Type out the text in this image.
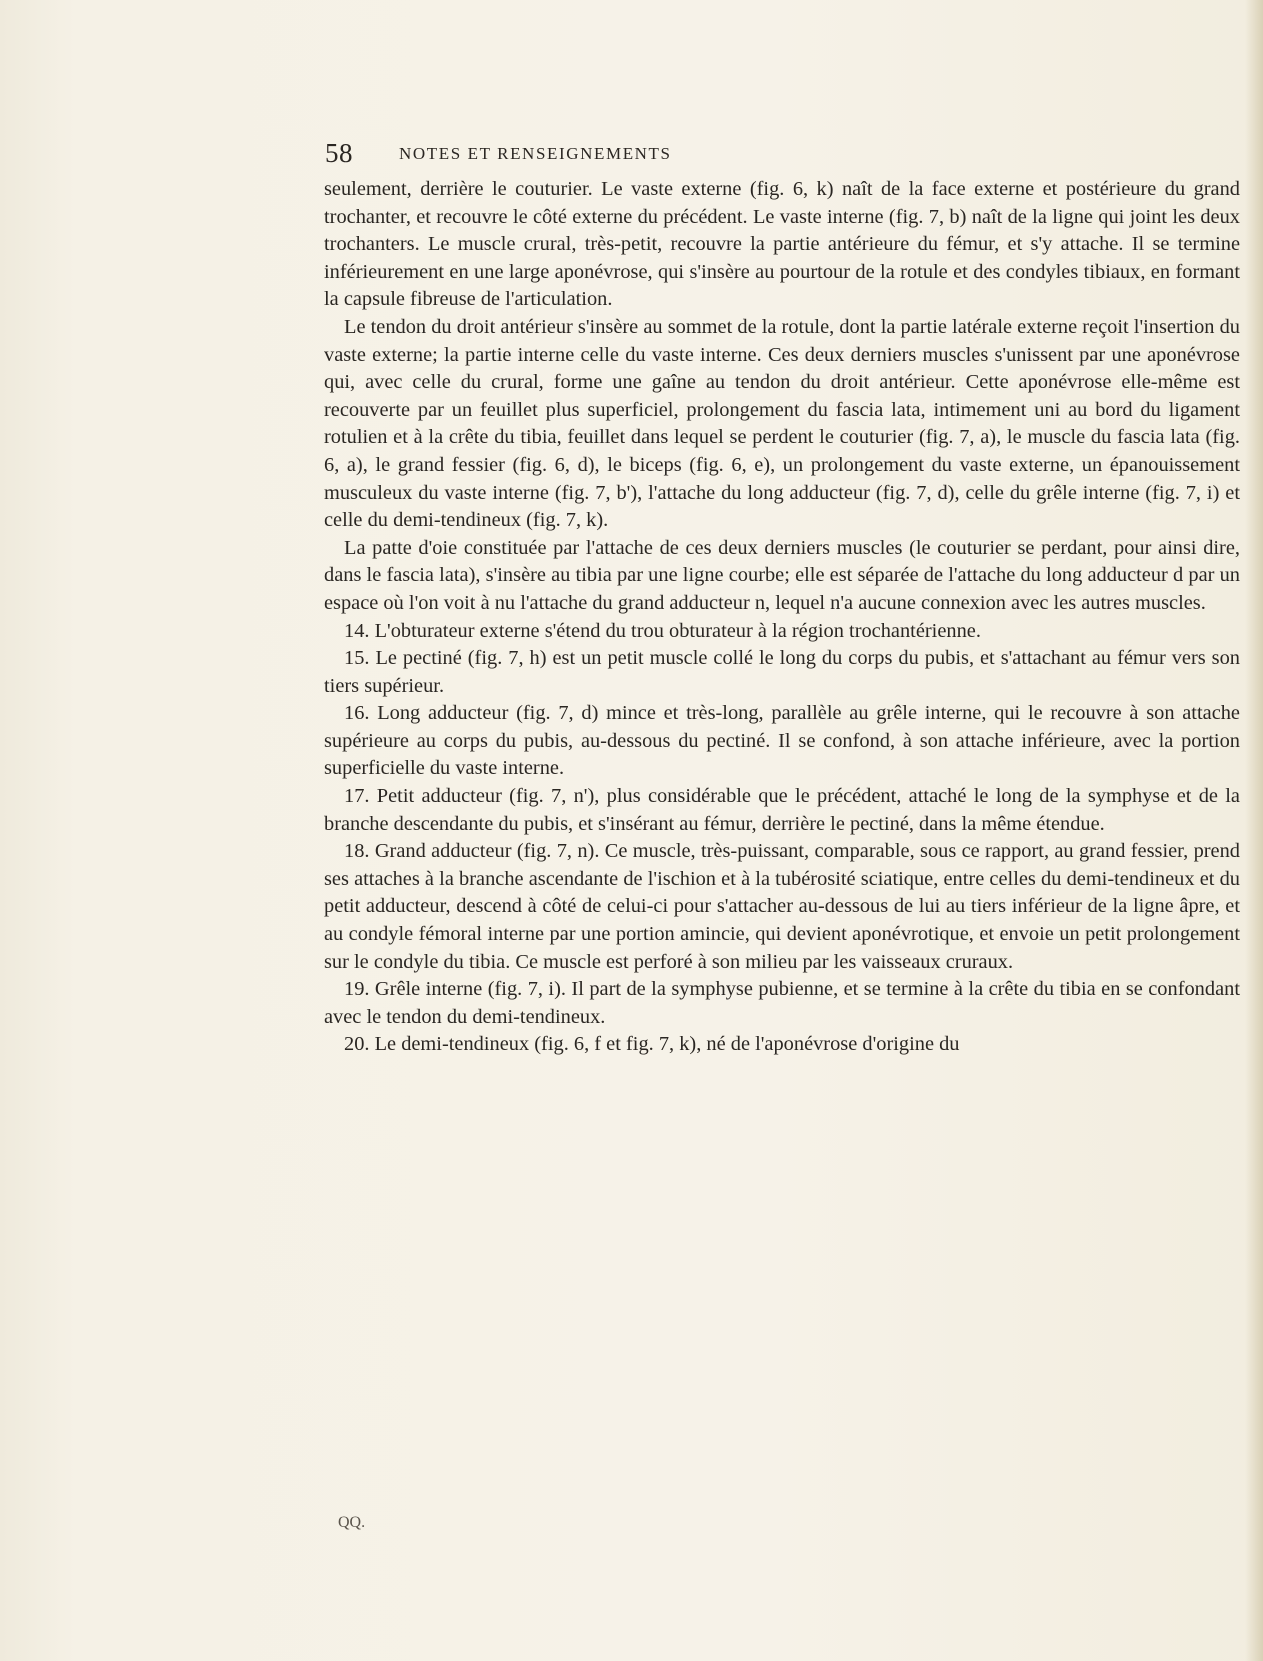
58	NOTES ET RENSEIGNEMENTS

seulement, derrière le couturier. Le vaste externe (fig. 6, k) naît de la face externe et postérieure du grand trochanter, et recouvre le côté externe du précédent. Le vaste interne (fig. 7, b) naît de la ligne qui joint les deux trochanters. Le muscle crural, très-petit, recouvre la partie antérieure du fémur, et s'y attache. Il se termine inférieurement en une large aponévrose, qui s'insère au pourtour de la rotule et des condyles tibiaux, en formant la capsule fibreuse de l'articulation.

Le tendon du droit antérieur s'insère au sommet de la rotule, dont la partie latérale externe reçoit l'insertion du vaste externe; la partie interne celle du vaste interne. Ces deux derniers muscles s'unissent par une aponévrose qui, avec celle du crural, forme une gaîne au tendon du droit antérieur. Cette aponévrose elle-même est recouverte par un feuillet plus superficiel, prolongement du fascia lata, intimement uni au bord du ligament rotulien et à la crête du tibia, feuillet dans lequel se perdent le couturier (fig. 7, a), le muscle du fascia lata (fig. 6, a), le grand fessier (fig. 6, d), le biceps (fig. 6, e), un prolongement du vaste externe, un épanouissement musculeux du vaste interne (fig. 7, b'), l'attache du long adducteur (fig. 7, d), celle du grêle interne (fig. 7, i) et celle du demi-tendineux (fig. 7, k).

La patte d'oie constituée par l'attache de ces deux derniers muscles (le couturier se perdant, pour ainsi dire, dans le fascia lata), s'insère au tibia par une ligne courbe; elle est séparée de l'attache du long adducteur d par un espace où l'on voit à nu l'attache du grand adducteur n, lequel n'a aucune connexion avec les autres muscles.

14. L'obturateur externe s'étend du trou obturateur à la région trochantérienne.

15. Le pectiné (fig. 7, h) est un petit muscle collé le long du corps du pubis, et s'attachant au fémur vers son tiers supérieur.

16. Long adducteur (fig. 7, d) mince et très-long, parallèle au grêle interne, qui le recouvre à son attache supérieure au corps du pubis, au-dessous du pectiné. Il se confond, à son attache inférieure, avec la portion superficielle du vaste interne.

17. Petit adducteur (fig. 7, n'), plus considérable que le précédent, attaché le long de la symphyse et de la branche descendante du pubis, et s'insérant au fémur, derrière le pectiné, dans la même étendue.

18. Grand adducteur (fig. 7, n). Ce muscle, très-puissant, comparable, sous ce rapport, au grand fessier, prend ses attaches à la branche ascendante de l'ischion et à la tubérosité sciatique, entre celles du demi-tendineux et du petit adducteur, descend à côté de celui-ci pour s'attacher au-dessous de lui au tiers inférieur de la ligne âpre, et au condyle fémoral interne par une portion amincie, qui devient aponévrotique, et envoie un petit prolongement sur le condyle du tibia. Ce muscle est perforé à son milieu par les vaisseaux cruraux.

19. Grêle interne (fig. 7, i). Il part de la symphyse pubienne, et se termine à la crête du tibia en se confondant avec le tendon du demi-tendineux.

20. Le demi-tendineux (fig. 6, f et fig. 7, k), né de l'aponévrose d'origine du

QQ.
